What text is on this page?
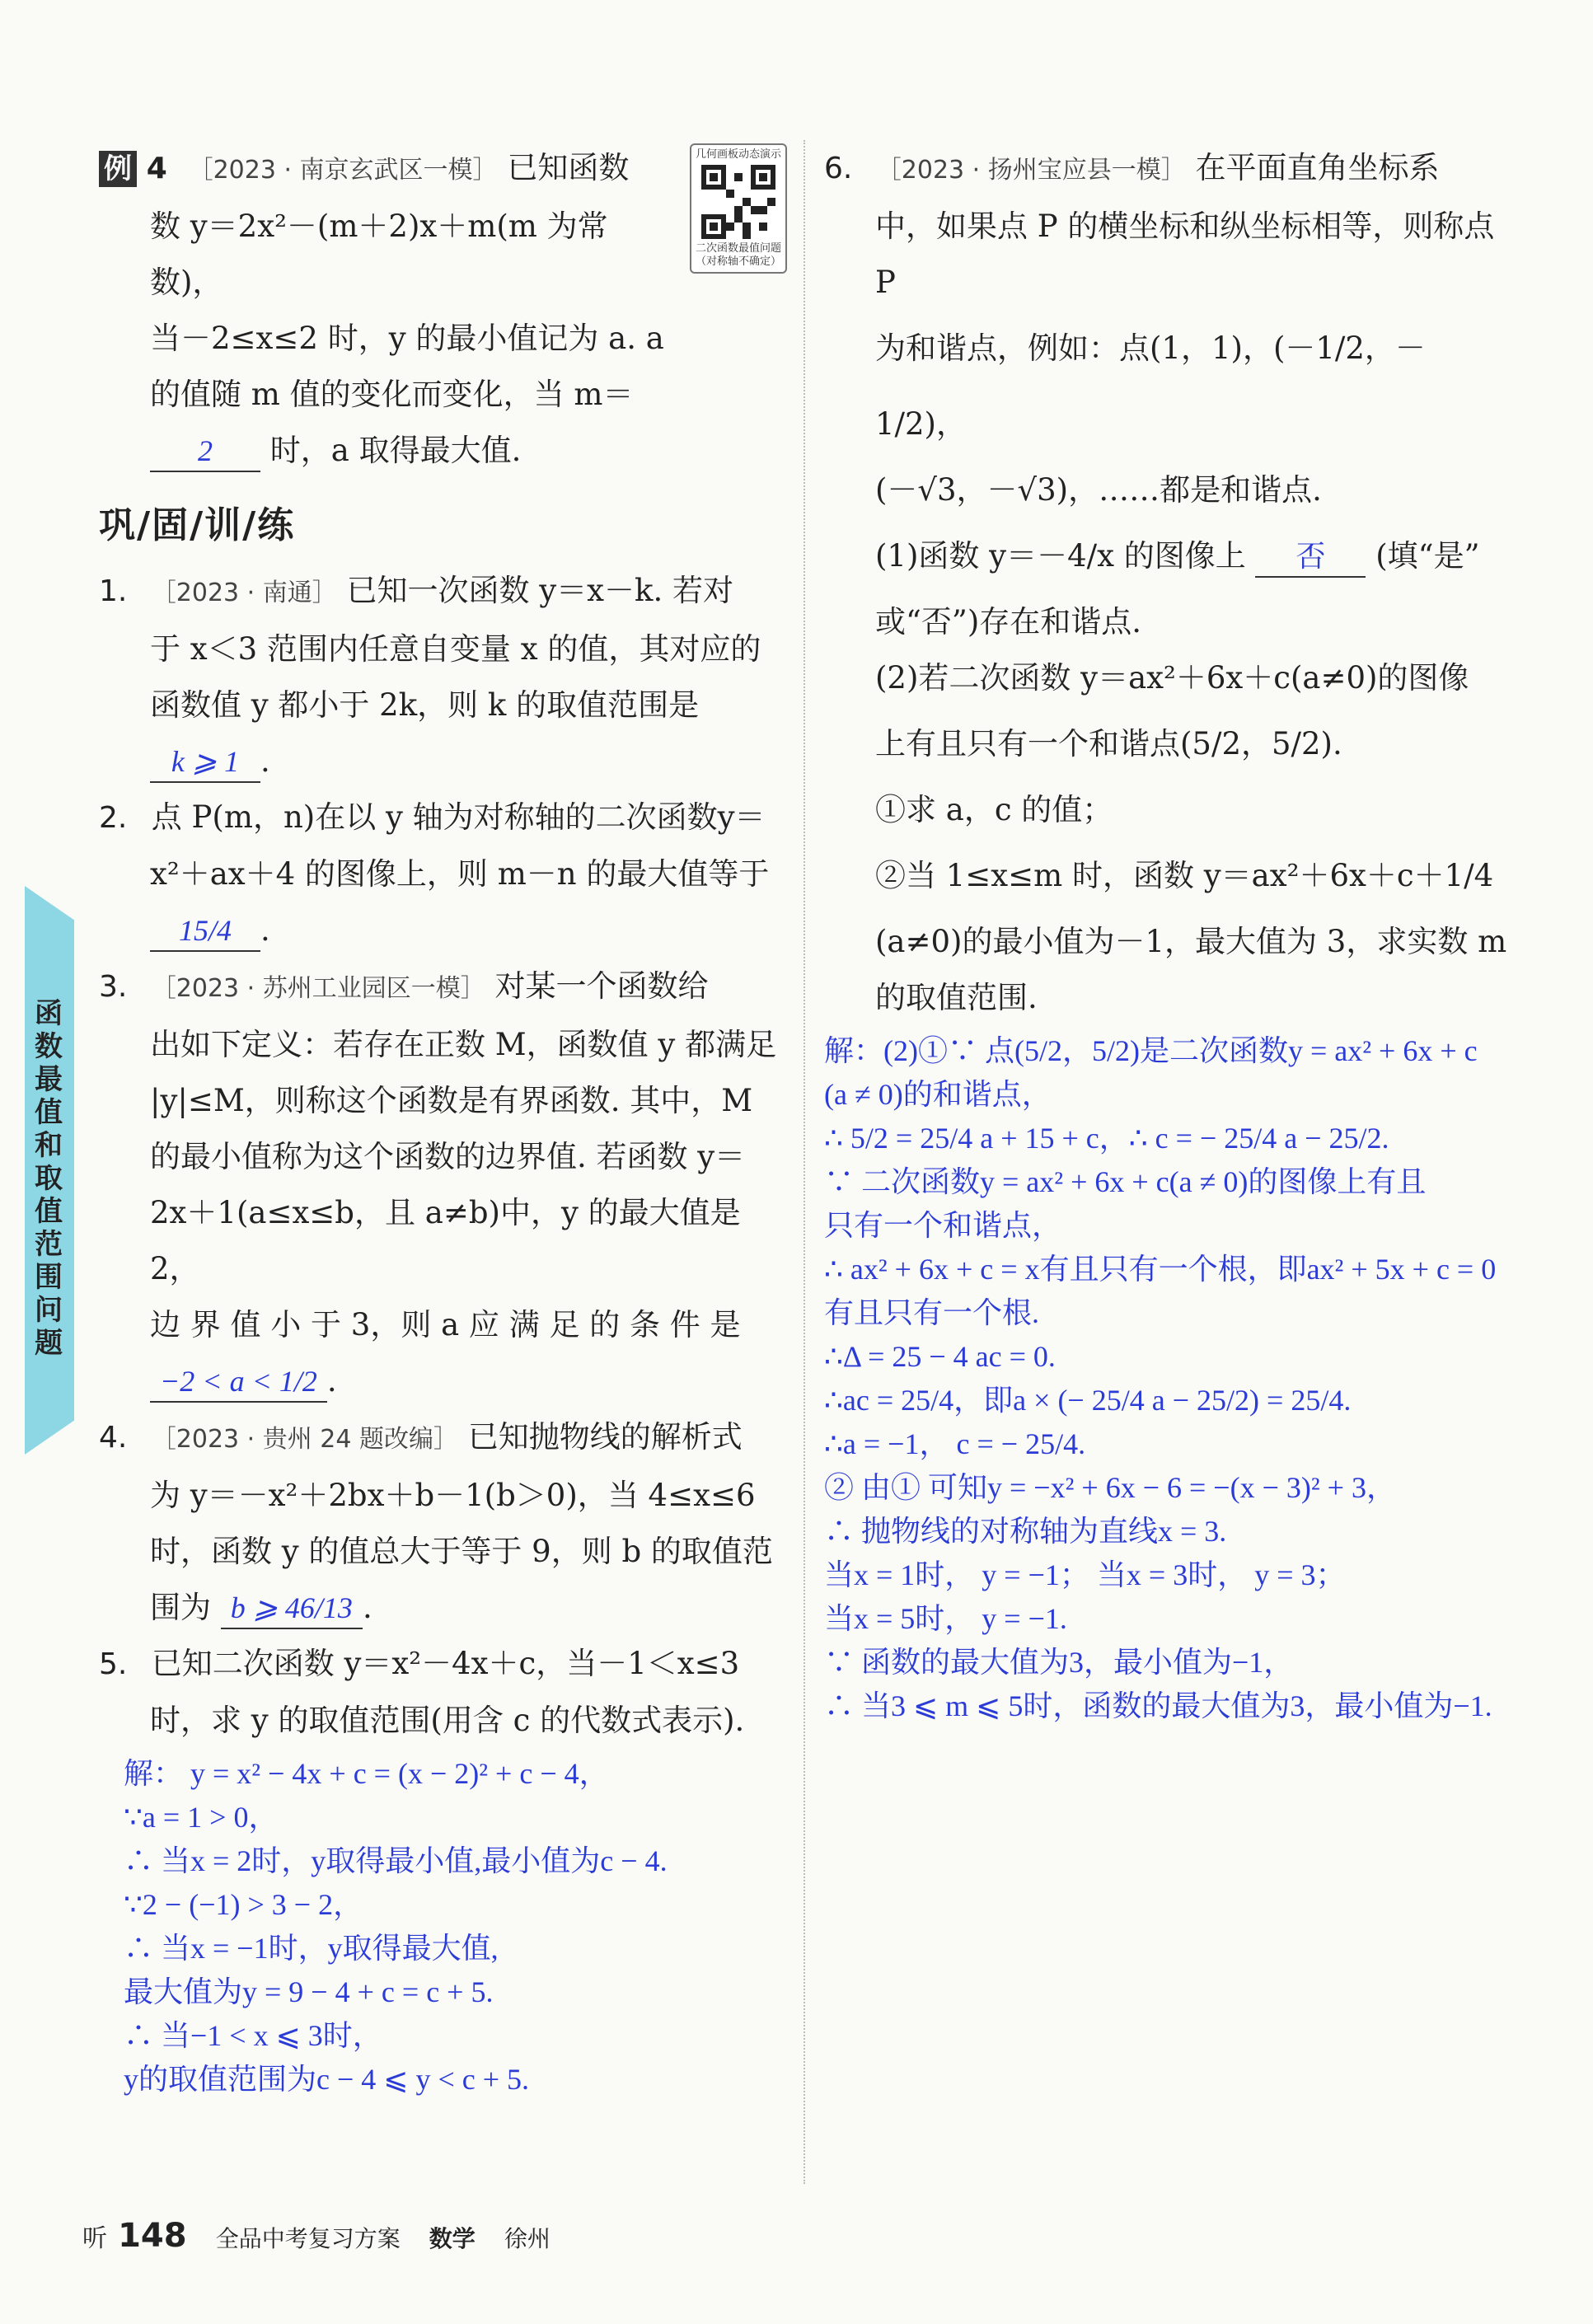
函数最值和取值范围问题

例 4 ［2023 · 南京玄武区一模］ 已知函数

数 y＝2x²－(m＋2)x＋m(m 为常数)，

当－2≤x≤2 时，y 的最小值记为 a. a

的值随 m 值的变化而变化，当 m＝

2 时，a 取得最大值.

几何画板动态演示
二次函数最值问题（对称轴不确定）
巩/固/训/练

1. ［2023 · 南通］ 已知一次函数 y＝x－k. 若对

于 x＜3 范围内任意自变量 x 的值，其对应的

函数值 y 都小于 2k，则 k 的取值范围是

k ⩾ 1 .

2. 点 P(m，n)在以 y 轴为对称轴的二次函数y＝

x²＋ax＋4 的图像上，则 m－n 的最大值等于

15/4 .

3. ［2023 · 苏州工业园区一模］ 对某一个函数给

出如下定义：若存在正数 M，函数值 y 都满足

|y|≤M，则称这个函数是有界函数. 其中，M

的最小值称为这个函数的边界值. 若函数 y＝

2x＋1(a≤x≤b，且 a≠b)中，y 的最大值是 2，

边 界 值 小 于 3，则 a 应 满 足 的 条 件 是

−2 < a < 1/2 .

4. ［2023 · 贵州 24 题改编］ 已知抛物线的解析式

为 y＝－x²＋2bx＋b－1(b＞0)，当 4≤x≤6

时，函数 y 的值总大于等于 9，则 b 的取值范

围为 b ⩾ 46/13 .

5. 已知二次函数 y＝x²－4x＋c，当－1＜x≤3

时，求 y 的取值范围(用含 c 的代数式表示).

解： y = x² − 4x + c = (x − 2)² + c − 4，

∵a = 1 > 0，

∴ 当x = 2时，y取得最小值,最小值为c − 4.

∵2 − (−1) > 3 − 2，

∴ 当x = −1时，y取得最大值,

最大值为y = 9 − 4 + c = c + 5.

∴ 当−1 < x ⩽ 3时，

y的取值范围为c − 4 ⩽ y < c + 5.

6. ［2023 · 扬州宝应县一模］ 在平面直角坐标系

中，如果点 P 的横坐标和纵坐标相等，则称点 P

为和谐点，例如：点(1，1)，(－1/2，－1/2)，

(－√3，－√3)，……都是和谐点.

(1)函数 y＝－4/x 的图像上 否 (填“是”

或“否”)存在和谐点.

(2)若二次函数 y＝ax²＋6x＋c(a≠0)的图像

上有且只有一个和谐点(5/2，5/2).

①求 a，c 的值；

②当 1≤x≤m 时，函数 y＝ax²＋6x＋c＋1/4

(a≠0)的最小值为－1，最大值为 3，求实数 m

的取值范围.

解：(2)①∵ 点(5/2，5/2)是二次函数y = ax² + 6x + c

(a ≠ 0)的和谐点，

∴ 5/2 = 25/4 a + 15 + c，∴ c = − 25/4 a − 25/2.

∵ 二次函数y = ax² + 6x + c(a ≠ 0)的图像上有且

只有一个和谐点，

∴ ax² + 6x + c = x有且只有一个根，即ax² + 5x + c = 0

有且只有一个根.

∴Δ = 25 − 4 ac = 0.

∴ac = 25/4，即a × (− 25/4 a − 25/2) = 25/4.

∴a = −1， c = − 25/4.

② 由① 可知y = −x² + 6x − 6 = −(x − 3)² + 3，

∴ 抛物线的对称轴为直线x = 3.

当x = 1时， y = −1； 当x = 3时， y = 3；

当x = 5时， y = −1.

∵ 函数的最大值为3，最小值为−1，

∴ 当3 ⩽ m ⩽ 5时，函数的最大值为3，最小值为−1.

听 148 全品中考复习方案 数学 徐州
